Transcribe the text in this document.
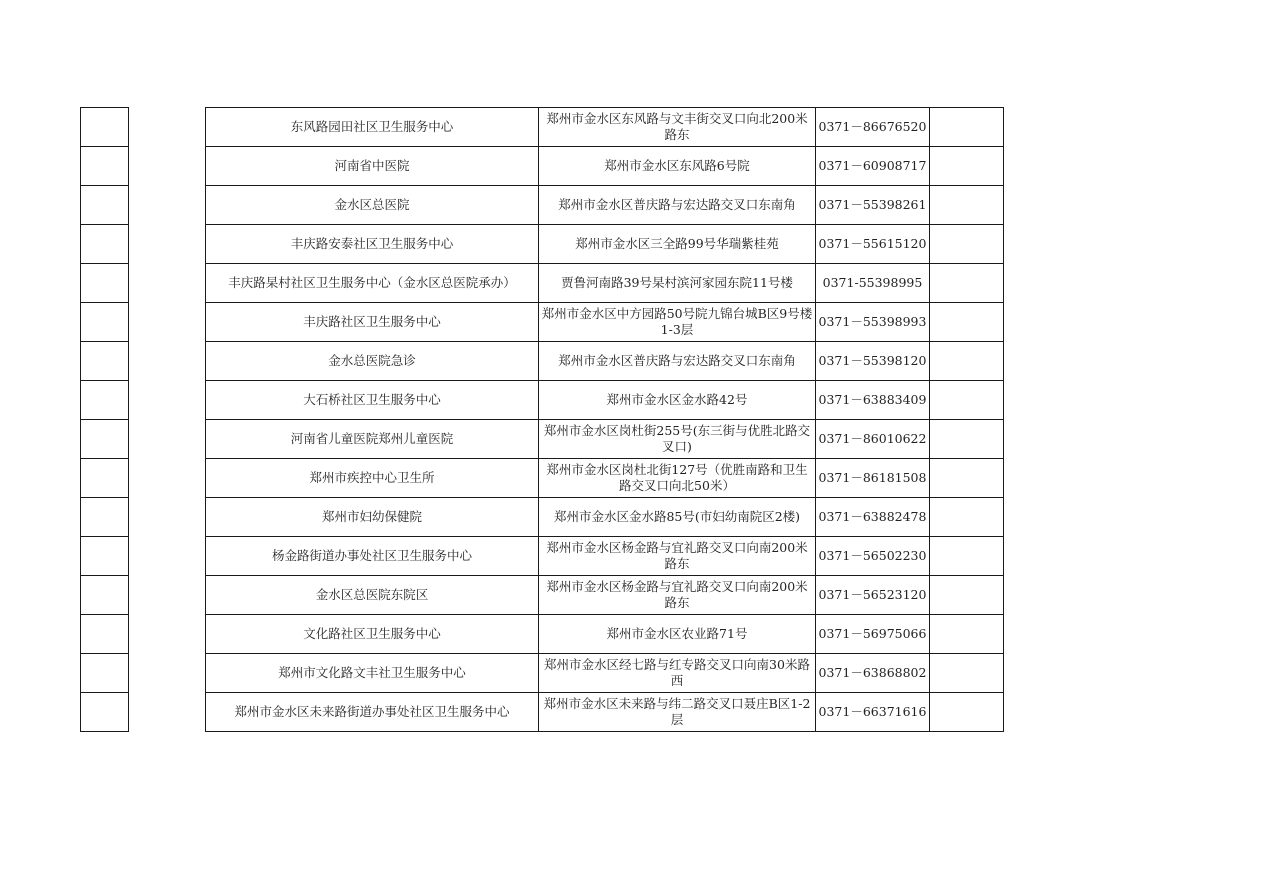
东风路园田社区卫生服务中心	郑州市金水区东风路与文丰街交叉口向北200米路东	0371－86676520	
河南省中医院	郑州市金水区东风路6号院	0371－60908717	
金水区总医院	郑州市金水区普庆路与宏达路交叉口东南角	0371－55398261	
丰庆路安泰社区卫生服务中心	郑州市金水区三全路99号华瑞紫桂苑	0371－55615120	
丰庆路杲村社区卫生服务中心（金水区总医院承办）	贾鲁河南路39号杲村滨河家园东院11号楼	0371-55398995	
丰庆路社区卫生服务中心	郑州市金水区中方园路50号院九锦台城B区9号楼1-3层	0371－55398993	
金水总医院急诊	郑州市金水区普庆路与宏达路交叉口东南角	0371－55398120	
大石桥社区卫生服务中心	郑州市金水区金水路42号	0371－63883409	
河南省儿童医院郑州儿童医院	郑州市金水区岗杜街255号(东三街与优胜北路交叉口)	0371－86010622	
郑州市疾控中心卫生所	郑州市金水区岗杜北街127号（优胜南路和卫生路交叉口向北50米）	0371－86181508	
郑州市妇幼保健院	郑州市金水区金水路85号(市妇幼南院区2楼)	0371－63882478	
杨金路街道办事处社区卫生服务中心	郑州市金水区杨金路与宜礼路交叉口向南200米路东	0371－56502230	
金水区总医院东院区	郑州市金水区杨金路与宜礼路交叉口向南200米路东	0371－56523120	
文化路社区卫生服务中心	郑州市金水区农业路71号	0371－56975066	
郑州市文化路文丰社卫生服务中心	郑州市金水区经七路与红专路交叉口向南30米路西	0371－63868802	
郑州市金水区未来路街道办事处社区卫生服务中心	郑州市金水区未来路与纬二路交叉口聂庄B区1-2层	0371－66371616	
